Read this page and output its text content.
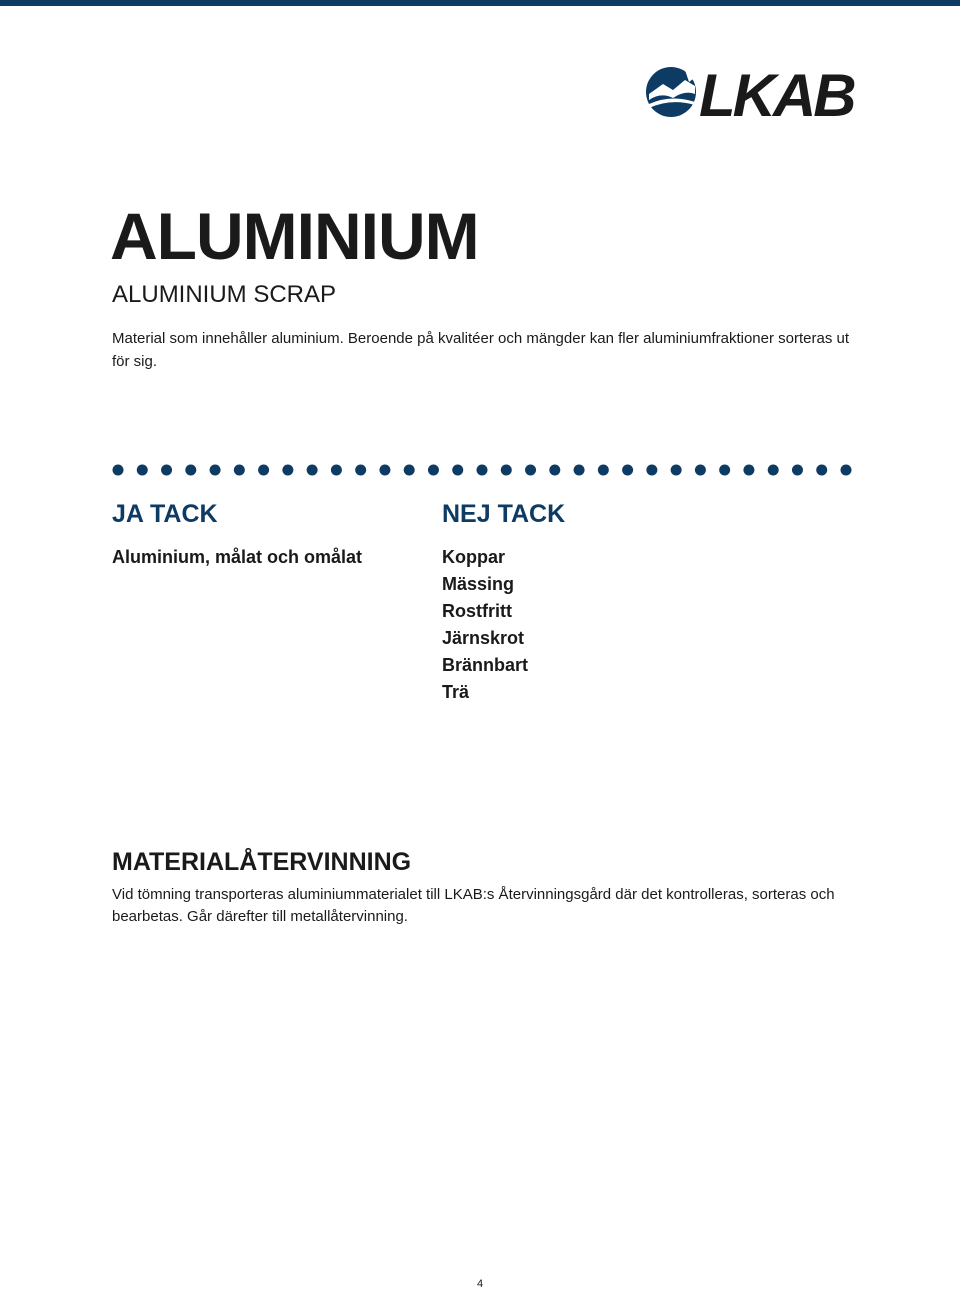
LKAB
ALUMINIUM
ALUMINIUM SCRAP

Material som innehåller aluminium. Beroende på kvalitéer och mängder kan fler aluminiumfraktioner sorteras ut för sig.

JA TACK
Aluminium, målat och omålat
NEJ TACK
Koppar
Mässing
Rostfritt
Järnskrot
Brännbart
Trä
MATERIALÅTERVINNING

Vid tömning transporteras aluminiummaterialet till LKAB:s Återvinningsgård där det kontrolleras, sorteras och bearbetas. Går därefter till metallåtervinning.

4
